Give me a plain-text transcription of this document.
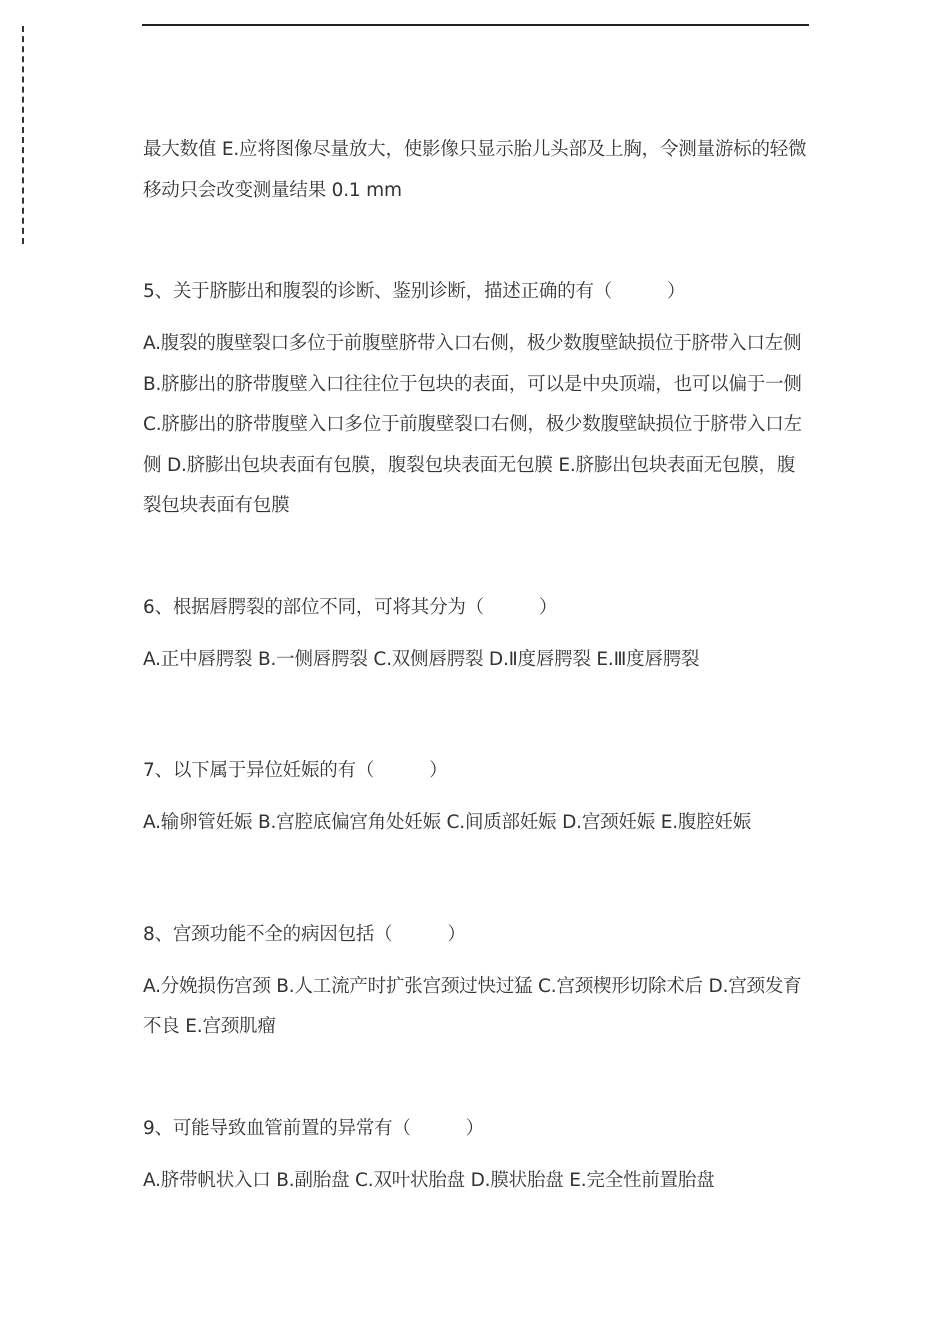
最大数值 E.应将图像尽量放大，使影像只显示胎儿头部及上胸，令测量游标的轻微移动只会改变测量结果 0.1 mm

5、关于脐膨出和腹裂的诊断、鉴别诊断，描述正确的有（　　　）

A.腹裂的腹壁裂口多位于前腹壁脐带入口右侧，极少数腹壁缺损位于脐带入口左侧 B.脐膨出的脐带腹壁入口往往位于包块的表面，可以是中央顶端，也可以偏于一侧 C.脐膨出的脐带腹壁入口多位于前腹壁裂口右侧，极少数腹壁缺损位于脐带入口左侧 D.脐膨出包块表面有包膜，腹裂包块表面无包膜 E.脐膨出包块表面无包膜，腹裂包块表面有包膜

6、根据唇腭裂的部位不同，可将其分为（　　　）

A.正中唇腭裂 B.一侧唇腭裂 C.双侧唇腭裂 D.Ⅱ度唇腭裂 E.Ⅲ度唇腭裂

7、以下属于异位妊娠的有（　　　）

A.输卵管妊娠 B.宫腔底偏宫角处妊娠 C.间质部妊娠 D.宫颈妊娠 E.腹腔妊娠

8、宫颈功能不全的病因包括（　　　）

A.分娩损伤宫颈 B.人工流产时扩张宫颈过快过猛 C.宫颈楔形切除术后 D.宫颈发育不良 E.宫颈肌瘤

9、可能导致血管前置的异常有（　　　）

A.脐带帆状入口 B.副胎盘 C.双叶状胎盘 D.膜状胎盘 E.完全性前置胎盘
